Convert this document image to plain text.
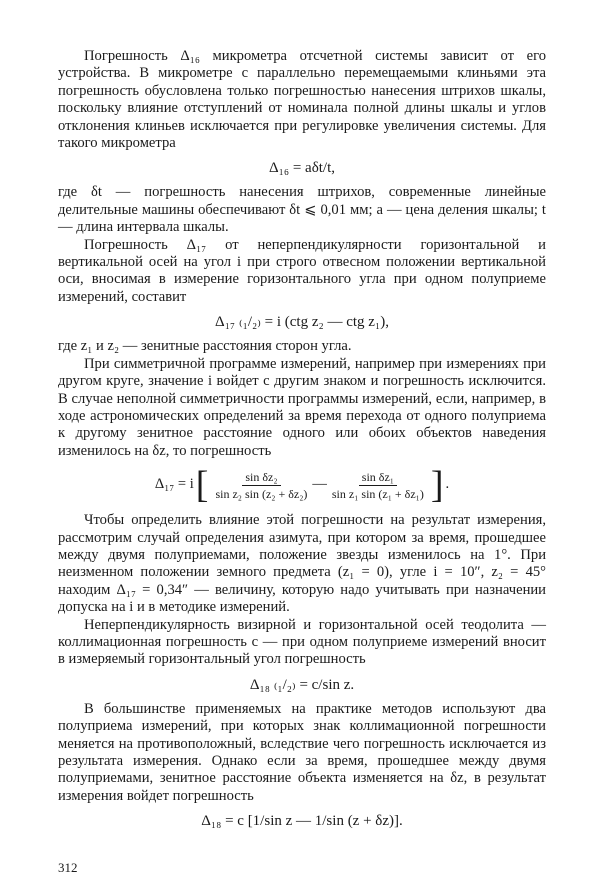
Погрешность Δ₁₆ микрометра отсчетной системы зависит от его устройства. В микрометре с параллельно перемещаемыми клиньями эта погрешность обусловлена только погрешностью нанесения штрихов шкалы, поскольку влияние отступлений от номинала полной длины шкалы и углов отклонения клиньев исключается при регулировке увеличения системы. Для такого микрометра

Δ₁₆ = aδt/t,

где δt — погрешность нанесения штрихов, современные линейные делительные машины обеспечивают δt ⩽ 0,01 мм; a — цена деления шкалы; t — длина интервала шкалы.

Погрешность Δ₁₇ от неперпендикулярности горизонтальной и вертикальной осей на угол i при строго отвесном положении вертикальной оси, вносимая в измерение горизонтального угла при одном полуприеме измерений, составит

Δ₁₇ ₍₁/₂₎ = i (ctg z₂ — ctg z₁),

где z₁ и z₂ — зенитные расстояния сторон угла.

При симметричной программе измерений, например при измерениях при другом круге, значение i войдет с другим знаком и погрешность исключится. В случае неполной симметричности программы измерений, если, например, в ходе астрономических определений за время перехода от одного полуприема к другому зенитное расстояние одного или обоих объектов наведения изменилось на δz, то погрешность

Δ₁₇ = i [ $\frac{\text{sin δz₂}}{\text{sin z₂ sin (z₂ + δz₂)}}$ — $\frac{\text{sin δz₁}}{\text{sin z₁ sin (z₁ + δz₁)}}$ ] .

Чтобы определить влияние этой погрешности на результат измерения, рассмотрим случай определения азимута, при котором за время, прошедшее между двумя полуприемами, положение звезды изменилось на 1°. При неизменном положении земного предмета (z₁ = 0), угле i = 10″, z₂ = 45° находим Δ₁₇ = 0,34″ — величину, которую надо учитывать при назначении допуска на i и в методике измерений.

Неперпендикулярность визирной и горизонтальной осей теодолита — коллимационная погрешность c — при одном полуприеме измерений вносит в измеряемый горизонтальный угол погрешность

Δ₁₈ ₍₁/₂₎ = c/sin z.

В большинстве применяемых на практике методов используют два полуприема измерений, при которых знак коллимационной погрешности меняется на противоположный, вследствие чего погрешность исключается из результата измерения. Однако если за время, прошедшее между двумя полуприемами, зенитное расстояние объекта изменяется на δz, в результат измерения войдет погрешность

Δ₁₈ = c [1/sin z — 1/sin (z + δz)].
312
